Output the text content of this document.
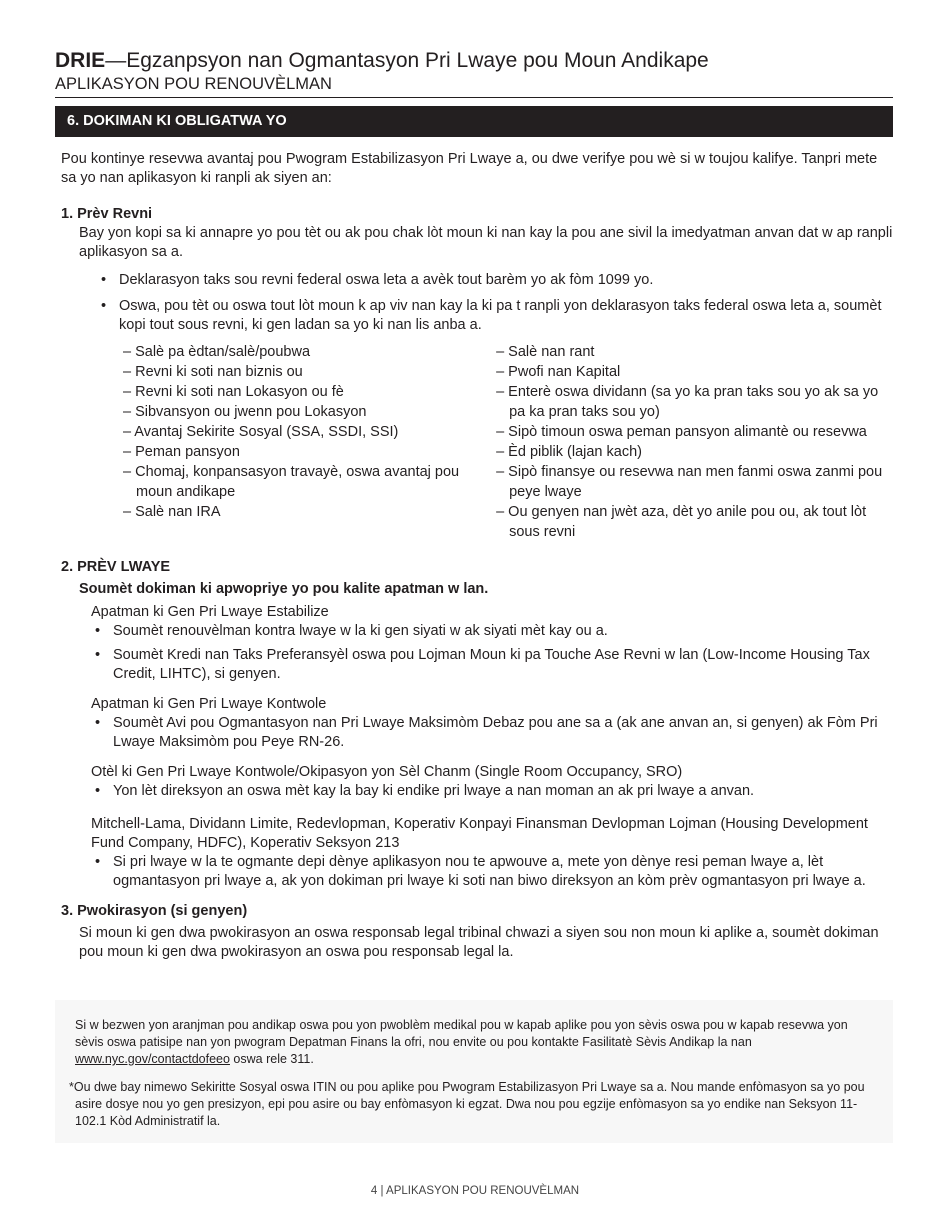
DRIE—Egzanpsyon nan Ogmantasyon Pri Lwaye pou Moun Andikape
APLIKASYON POU RENOUVÈLMAN
6. DOKIMAN KI OBLIGATWA YO
Pou kontinye resevwa avantaj pou Pwogram Estabilizasyon Pri Lwaye a, ou dwe verifye pou wè si w toujou kalifye. Tanpri mete sa yo nan aplikasyon ki ranpli ak siyen an:
1. Prèv Revni
Bay yon kopi sa ki annapre yo pou tèt ou ak pou chak lòt moun ki nan kay la pou ane sivil la imedyatman anvan dat w ap ranpli aplikasyon sa a.
• Deklarasyon taks sou revni federal oswa leta a avèk tout barèm yo ak fòm 1099 yo.
• Oswa, pou tèt ou oswa tout lòt moun k ap viv nan kay la ki pa t ranpli yon deklarasyon taks federal oswa leta a, soumèt kopi tout sous revni, ki gen ladan sa yo ki nan lis anba a.
– Salè pa èdtan/salè/poubwa
– Revni ki soti nan biznis ou
– Revni ki soti nan Lokasyon ou fè
– Sibvansyon ou jwenn pou Lokasyon
– Avantaj Sekirite Sosyal (SSA, SSDI, SSI)
– Peman pansyon
– Chomaj, konpansasyon travayè, oswa avantaj pou moun andikape
– Salè nan IRA
– Salè nan rant
– Pwofi nan Kapital
– Enterè oswa dividann (sa yo ka pran taks sou yo ak sa yo pa ka pran taks sou yo)
– Sipò timoun oswa peman pansyon alimantè ou resevwa
– Èd piblik (lajan kach)
– Sipò finansye ou resevwa nan men fanmi oswa zanmi pou peye lwaye
– Ou genyen nan jwèt aza, dèt yo anile pou ou, ak tout lòt sous revni
2. PRÈV LWAYE
Soumèt dokiman ki apwopriye yo pou kalite apatman w lan.
Apatman ki Gen Pri Lwaye Estabilize
• Soumèt renouvèlman kontra lwaye w la ki gen siyati w ak siyati mèt kay ou a.
• Soumèt Kredi nan Taks Preferansyèl oswa pou Lojman Moun ki pa Touche Ase Revni w lan (Low-Income Housing Tax Credit, LIHTC), si genyen.
Apatman ki Gen Pri Lwaye Kontwole
• Soumèt Avi pou Ogmantasyon nan Pri Lwaye Maksimòm Debaz pou ane sa a (ak ane anvan an, si genyen) ak Fòm Pri Lwaye Maksimòm pou Peye RN-26.
Otèl ki Gen Pri Lwaye Kontwole/Okipasyon yon Sèl Chanm (Single Room Occupancy, SRO)
• Yon lèt direksyon an oswa mèt kay la bay ki endike pri lwaye a nan moman an ak pri lwaye a anvan.
Mitchell-Lama, Dividann Limite, Redevlopman, Koperativ Konpayi Finansman Devlopman Lojman (Housing Development Fund Company, HDFC), Koperativ Seksyon 213
• Si pri lwaye w la te ogmante depi dènye aplikasyon nou te apwouve a, mete yon dènye resi peman lwaye a, lèt ogmantasyon pri lwaye a, ak yon dokiman pri lwaye ki soti nan biwo direksyon an kòm prèv ogmantasyon pri lwaye a.
3. Pwokirasyon (si genyen)
Si moun ki gen dwa pwokirasyon an oswa responsab legal tribinal chwazi a siyen sou non moun ki aplike a, soumèt dokiman pou moun ki gen dwa pwokirasyon an oswa pou responsab legal la.
Si w bezwen yon aranjman pou andikap oswa pou yon pwoblèm medikal pou w kapab aplike pou yon sèvis oswa pou w kapab resevwa yon sèvis oswa patisipe nan yon pwogram Depatman Finans la ofri, nou envite ou pou kontakte Fasilitatè Sèvis Andikap la nan www.nyc.gov/contactdofeeo oswa rele 311.
*Ou dwe bay nimewo Sekiritte Sosyal oswa ITIN ou pou aplike pou Pwogram Estabilizasyon Pri Lwaye sa a. Nou mande enfòmasyon sa yo pou asire dosye nou yo gen presizyon, epi pou asire ou bay enfòmasyon ki egzat. Dwa nou pou egzije enfòmasyon sa yo endike nan Seksyon 11-102.1 Kòd Administratif la.
4 | APLIKASYON POU RENOUVÈLMAN
